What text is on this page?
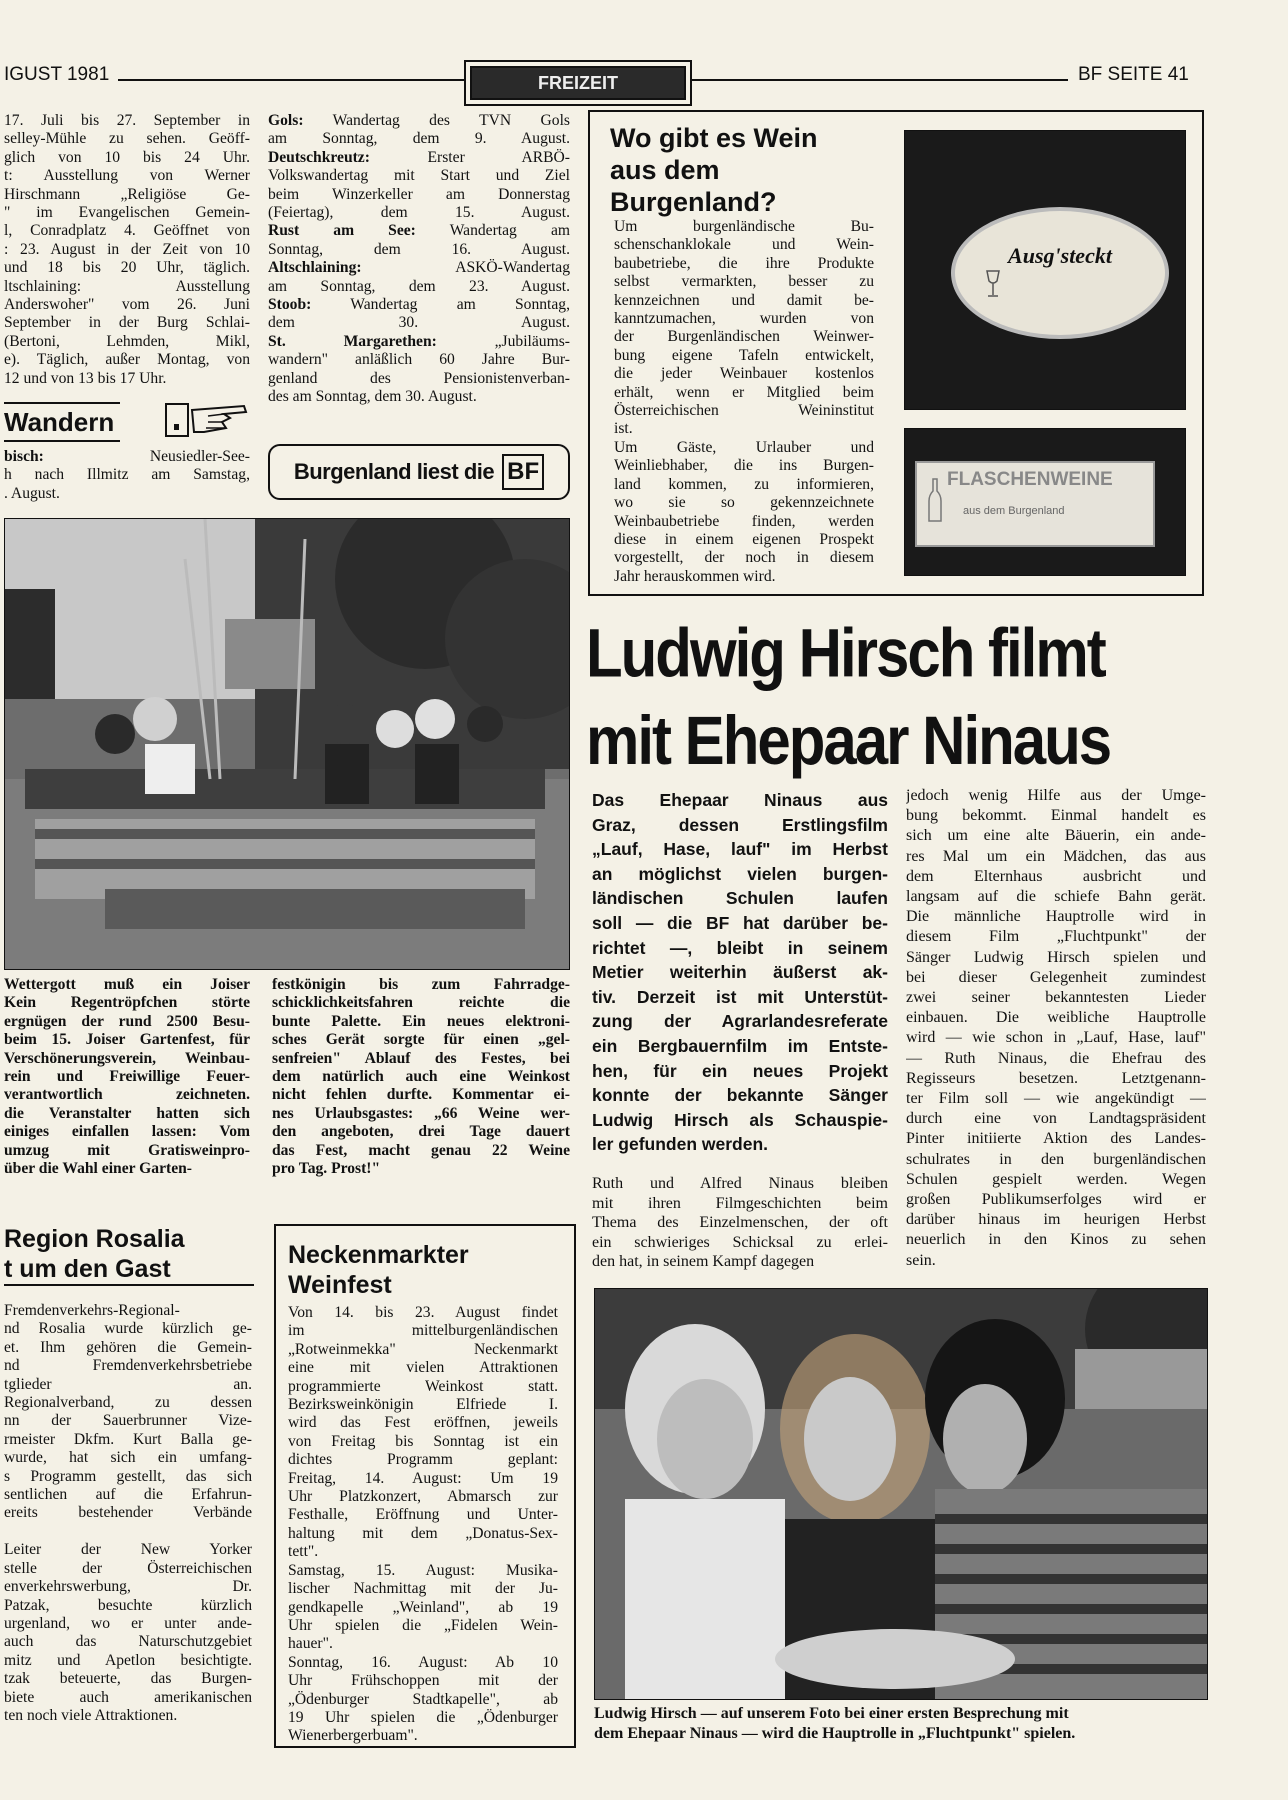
IGUST 1981	FREIZEIT	BF SEITE 41
17. Juli bis 27. September in
selley-Mühle zu sehen. Geöff-
glich von 10 bis 24 Uhr.
t: Ausstellung von Werner
Hirschmann „Religiöse Ge-
" im Evangelischen Gemein-
l, Conradplatz 4. Geöffnet von
: 23. August in der Zeit von 10
und 18 bis 20 Uhr, täglich.
ltschlaining: Ausstellung
Anderswoher" vom 26. Juni
September in der Burg Schlai-
(Bertoni, Lehmden, Mikl,
e). Täglich, außer Montag, von
12 und von 13 bis 17 Uhr.
Wandern
bisch: Neusiedler-See-
h nach Illmitz am Samstag,
. August.
Gols: Wandertag des TVN Gols
am Sonntag, dem 9. August.
Deutschkreutz: Erster ARBÖ-
Volkswandertag mit Start und Ziel
beim Winzerkeller am Donnerstag
(Feiertag), dem 15. August.
Rust am See: Wandertag am
Sonntag, dem 16. August.
Altschlaining: ASKÖ-Wandertag
am Sonntag, dem 23. August.
Stoob: Wandertag am Sonntag,
dem 30. August.
St. Margarethen: „Jubiläums-
wandern" anläßlich 60 Jahre Bur-
genland des Pensionistenverban-
des am Sonntag, dem 30. August.
Burgenland liest die BF
Wo gibt es Wein
aus dem
Burgenland?
Um burgenländische Bu-
schenschanklokale und Wein-
baubetriebe, die ihre Produkte
selbst vermarkten, besser zu
kennzeichnen und damit be-
kanntzumachen, wurden von
der Burgenländischen Weinwer-
bung eigene Tafeln entwickelt,
die jeder Weinbauer kostenlos
erhält, wenn er Mitglied beim
Österreichischen Weininstitut
ist.
Um Gäste, Urlauber und
Weinliebhaber, die ins Burgen-
land kommen, zu informieren,
wo sie so gekennzeichnete
Weinbaubetriebe finden, werden
diese in einem eigenen Prospekt
vorgestellt, der noch in diesem
Jahr herauskommen wird.
Ausg'steckt
FLASCHENWEINE
aus dem Burgenland
Wettergott muß ein Joiser
Kein Regentröpfchen störte
ergnügen der rund 2500 Besu-
beim 15. Joiser Gartenfest, für
Verschönerungsverein, Weinbau-
rein und Freiwillige Feuer-
verantwortlich zeichneten.
die Veranstalter hatten sich
einiges einfallen lassen: Vom
umzug mit Gratisweinpro-
über die Wahl einer Garten-
festkönigin bis zum Fahrradge-
schicklichkeitsfahren reichte die
bunte Palette. Ein neues elektroni-
sches Gerät sorgte für einen „gel-
senfreien" Ablauf des Festes, bei
dem natürlich auch eine Weinkost
nicht fehlen durfte. Kommentar ei-
nes Urlaubsgastes: „66 Weine wer-
den angeboten, drei Tage dauert
das Fest, macht genau 22 Weine
pro Tag. Prost!"
Region Rosalia
t um den Gast
Fremdenverkehrs-Regional-
nd Rosalia wurde kürzlich ge-
et. Ihm gehören die Gemein-
nd Fremdenverkehrsbetriebe
tglieder an.
Regionalverband, zu dessen
nn der Sauerbrunner Vize-
rmeister Dkfm. Kurt Balla ge-
wurde, hat sich ein umfang-
s Programm gestellt, das sich
sentlichen auf die Erfahrun-
ereits bestehender Verbände

Leiter der New Yorker
stelle der Österreichischen
enverkehrswerbung, Dr.
Patzak, besuchte kürzlich
urgenland, wo er unter ande-
auch das Naturschutzgebiet
mitz und Apetlon besichtigte.
tzak beteuerte, das Burgen-
biete auch amerikanischen
ten noch viele Attraktionen.
Neckenmarkter
Weinfest
Von 14. bis 23. August findet
im mittelburgenländischen
„Rotweinmekka" Neckenmarkt
eine mit vielen Attraktionen
programmierte Weinkost statt.
Bezirksweinkönigin Elfriede I.
wird das Fest eröffnen, jeweils
von Freitag bis Sonntag ist ein
dichtes Programm geplant:
Freitag, 14. August: Um 19
Uhr Platzkonzert, Abmarsch zur
Festhalle, Eröffnung und Unter-
haltung mit dem „Donatus-Sex-
tett".
Samstag, 15. August: Musika-
lischer Nachmittag mit der Ju-
gendkapelle „Weinland", ab 19
Uhr spielen die „Fidelen Wein-
hauer".
Sonntag, 16. August: Ab 10
Uhr Frühschoppen mit der
„Ödenburger Stadtkapelle", ab
19 Uhr spielen die „Ödenburger
Wienerbergerbuam".
Ludwig Hirsch filmt
mit Ehepaar Ninaus
Das Ehepaar Ninaus aus
Graz, dessen Erstlingsfilm
„Lauf, Hase, lauf" im Herbst
an möglichst vielen burgen-
ländischen Schulen laufen
soll — die BF hat darüber be-
richtet —, bleibt in seinem
Metier weiterhin äußerst ak-
tiv. Derzeit ist mit Unterstüt-
zung der Agrarlandesreferate
ein Bergbauernfilm im Entste-
hen, für ein neues Projekt
konnte der bekannte Sänger
Ludwig Hirsch als Schauspie-
ler gefunden werden.
Ruth und Alfred Ninaus bleiben
mit ihren Filmgeschichten beim
Thema des Einzelmenschen, der oft
ein schwieriges Schicksal zu erlei-
den hat, in seinem Kampf dagegen
jedoch wenig Hilfe aus der Umge-
bung bekommt. Einmal handelt es
sich um eine alte Bäuerin, ein ande-
res Mal um ein Mädchen, das aus
dem Elternhaus ausbricht und
langsam auf die schiefe Bahn gerät.
Die männliche Hauptrolle wird in
diesem Film „Fluchtpunkt" der
Sänger Ludwig Hirsch spielen und
bei dieser Gelegenheit zumindest
zwei seiner bekanntesten Lieder
einbauen. Die weibliche Hauptrolle
wird — wie schon in „Lauf, Hase, lauf"
— Ruth Ninaus, die Ehefrau des
Regisseurs besetzen. Letztgenann-
ter Film soll — wie angekündigt —
durch eine von Landtagspräsident
Pinter initiierte Aktion des Landes-
schulrates in den burgenländischen
Schulen gespielt werden. Wegen
großen Publikumserfolges wird er
darüber hinaus im heurigen Herbst
neuerlich in den Kinos zu sehen
sein.
Ludwig Hirsch — auf unserem Foto bei einer ersten Besprechung mit
dem Ehepaar Ninaus — wird die Hauptrolle in „Fluchtpunkt" spielen.
